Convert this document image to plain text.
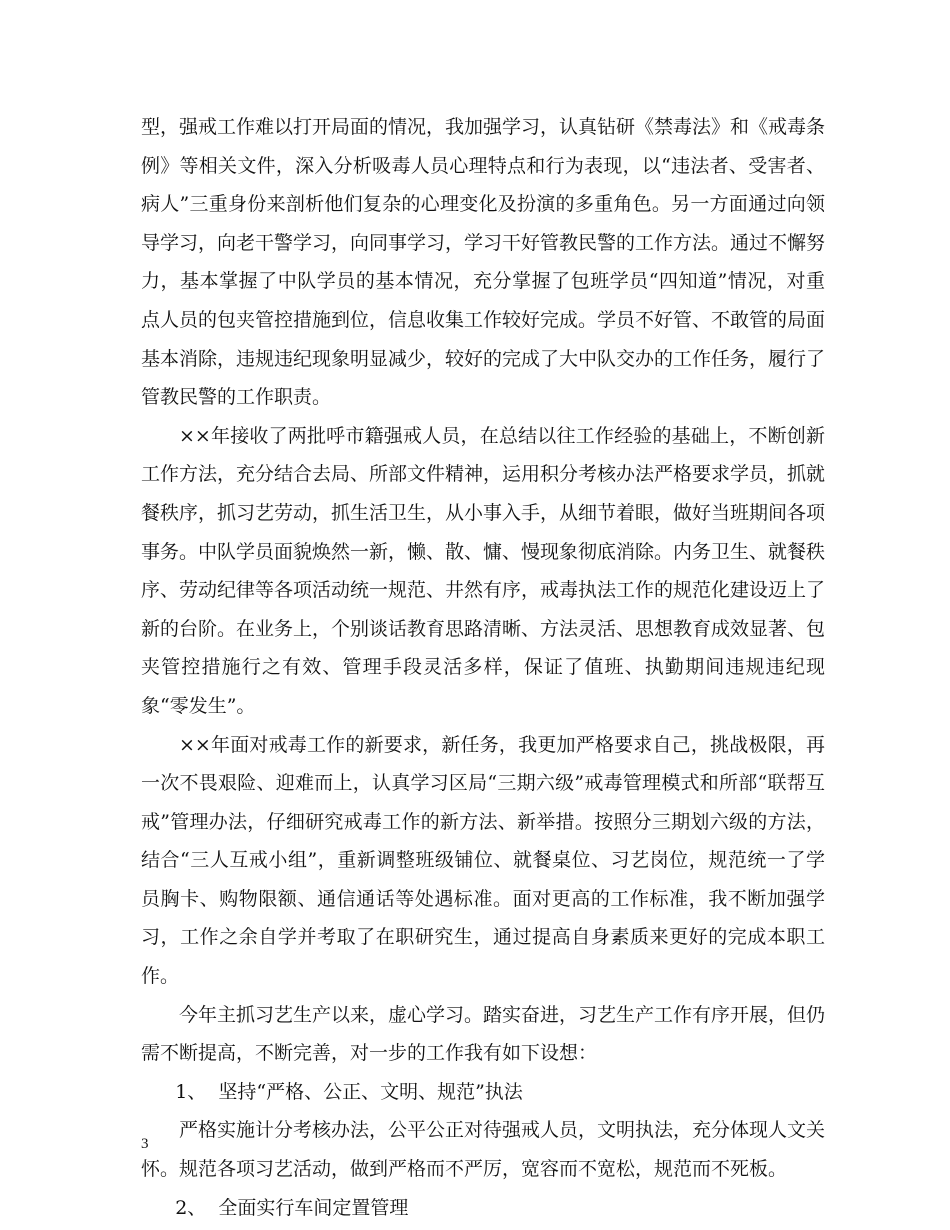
型，强戒工作难以打开局面的情况，我加强学习，认真钻研《禁毒法》和《戒毒条例》等相关文件，深入分析吸毒人员心理特点和行为表现，以“违法者、受害者、病人”三重身份来剖析他们复杂的心理变化及扮演的多重角色。另一方面通过向领导学习，向老干警学习，向同事学习，学习干好管教民警的工作方法。通过不懈努力，基本掌握了中队学员的基本情况，充分掌握了包班学员“四知道”情况，对重点人员的包夹管控措施到位，信息收集工作较好完成。学员不好管、不敢管的局面基本消除，违规违纪现象明显减少，较好的完成了大中队交办的工作任务，履行了管教民警的工作职责。

××年接收了两批呼市籍强戒人员，在总结以往工作经验的基础上，不断创新工作方法，充分结合去局、所部文件精神，运用积分考核办法严格要求学员，抓就餐秩序，抓习艺劳动，抓生活卫生，从小事入手，从细节着眼，做好当班期间各项事务。中队学员面貌焕然一新，懒、散、慵、慢现象彻底消除。内务卫生、就餐秩序、劳动纪律等各项活动统一规范、井然有序，戒毒执法工作的规范化建设迈上了新的台阶。在业务上，个别谈话教育思路清晰、方法灵活、思想教育成效显著、包夹管控措施行之有效、管理手段灵活多样，保证了值班、执勤期间违规违纪现象“零发生”。

××年面对戒毒工作的新要求，新任务，我更加严格要求自己，挑战极限，再一次不畏艰险、迎难而上，认真学习区局“三期六级”戒毒管理模式和所部“联帮互戒”管理办法，仔细研究戒毒工作的新方法、新举措。按照分三期划六级的方法，结合“三人互戒小组”，重新调整班级铺位、就餐桌位、习艺岗位，规范统一了学员胸卡、购物限额、通信通话等处遇标准。面对更高的工作标准，我不断加强学习，工作之余自学并考取了在职研究生，通过提高自身素质来更好的完成本职工作。

今年主抓习艺生产以来，虚心学习。踏实奋进，习艺生产工作有序开展，但仍需不断提高，不断完善，对一步的工作我有如下设想：

1、  坚持“严格、公正、文明、规范”执法

严格实施计分考核办法，公平公正对待强戒人员，文明执法，充分体现人文关怀。规范各项习艺活动，做到严格而不严厉，宽容而不宽松，规范而不死板。

2、  全面实行车间定置管理

3
